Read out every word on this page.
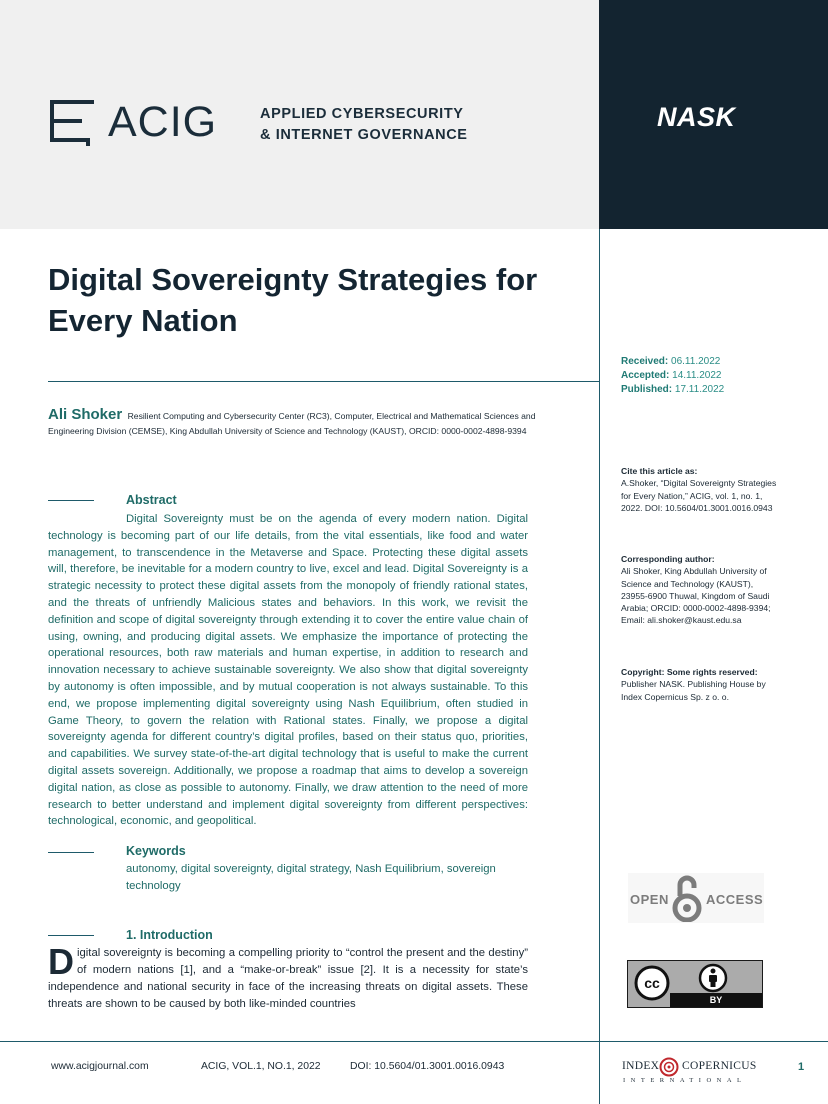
ACIG	APPLIED CYBERSECURITY
& INTERNET GOVERNANCE
NASK
Digital Sovereignty Strategies for Every Nation
Received: 06.11.2022
Accepted: 14.11.2022
Published: 17.11.2022
Ali Shoker Resilient Computing and Cybersecurity Center (RC3), Computer, Electrical and Mathematical Sciences and Engineering Division (CEMSE), King Abdullah University of Science and Technology (KAUST), ORCID: 0000-0002-4898-9394
Cite this article as:
A.Shoker, “Digital Sovereignty Strategies for Every Nation,” ACIG, vol. 1, no. 1, 2022. DOI: 10.5604/01.3001.0016.0943
Corresponding author:
Ali Shoker, King Abdullah University of Science and Technology (KAUST), 23955-6900 Thuwal, Kingdom of Saudi Arabia; ORCID: 0000-0002-4898-9394; Email: ali.shoker@kaust.edu.sa
Copyright: Some rights reserved:
Publisher NASK. Publishing House by Index Copernicus Sp. z o. o.
Abstract

Digital Sovereignty must be on the agenda of every modern nation. Digital technology is becoming part of our life details, from the vital essentials, like food and water management, to transcendence in the Metaverse and Space. Protecting these digital assets will, therefore, be inevitable for a modern country to live, excel and lead. Digital Sovereignty is a strategic necessity to protect these digital assets from the monopoly of friendly rational states, and the threats of unfriendly Malicious states and behaviors. In this work, we revisit the definition and scope of digital sovereignty through extending it to cover the entire value chain of using, owning, and producing digital assets. We emphasize the importance of protecting the operational resources, both raw materials and human expertise, in addition to research and innovation necessary to achieve sustainable sovereignty. We also show that digital sovereignty by autonomy is often impossible, and by mutual cooperation is not always sustainable. To this end, we propose implementing digital sovereignty using Nash Equilibrium, often studied in Game Theory, to govern the relation with Rational states. Finally, we propose a digital sovereignty agenda for different country’s digital profiles, based on their status quo, priorities, and capabilities. We survey state-of-the-art digital technology that is useful to make the current digital assets sovereign. Additionally, we propose a roadmap that aims to develop a sovereign digital nation, as close as possible to autonomy. Finally, we draw attention to the need of more research to better understand and implement digital sovereignty from different perspectives: technological, economic, and geopolitical.

Keywords
autonomy, digital sovereignty, digital strategy, Nash Equilibrium, sovereign technology
1. Introduction

Digital sovereignty is becoming a compelling priority to “control the present and the destiny” of modern nations [1], and a “make-or-break” issue [2]. It is a necessity for state’s independence and national security in face of the increasing threats on digital assets. These threats are shown to be caused by both like-minded countries

OPEN	ACCESS
cc
BY
www.acigjournal.com	ACIG, VOL.1, NO.1, 2022	DOI: 10.5604/01.3001.0016.0943	INDEX COPERNICUS
INTERNATIONAL
1
